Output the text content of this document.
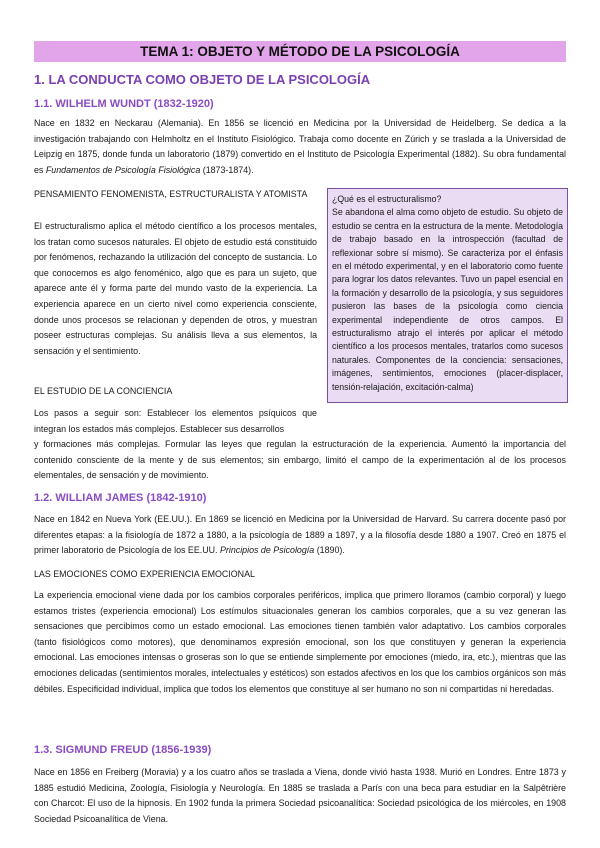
TEMA 1: OBJETO Y MÉTODO DE LA PSICOLOGÍA
1. LA CONDUCTA COMO OBJETO DE LA PSICOLOGÍA
1.1. WILHELM WUNDT (1832-1920)

Nace en 1832 en Neckarau (Alemania). En 1856 se licenció en Medicina por la Universidad de Heidelberg. Se dedica a la investigación trabajando con Helmholtz en el Instituto Fisiológico. Trabaja como docente en Zúrich y se traslada a la Universidad de Leipzig en 1875, donde funda un laboratorio (1879) convertido en el Instituto de Psicología Experimental (1882). Su obra fundamental es Fundamentos de Psicología Fisiológica (1873-1874).

PENSAMIENTO FENOMENISTA, ESTRUCTURALISTA Y ATOMISTA

El estructuralismo aplica el método científico a los procesos mentales, los tratan como sucesos naturales. El objeto de estudio está constituido por fenómenos, rechazando la utilización del concepto de sustancia. Lo que conocemos es algo fenoménico, algo que es para un sujeto, que aparece ante él y forma parte del mundo vasto de la experiencia. La experiencia aparece en un cierto nivel como experiencia consciente, donde unos procesos se relacionan y dependen de otros, y muestran poseer estructuras complejas. Su análisis lleva a sus elementos, la sensación y el sentimiento.

EL ESTUDIO DE LA CONCIENCIA

Los pasos a seguir son: Establecer los elementos psíquicos que integran los estados más complejos. Establecer sus desarrollos

y formaciones más complejas. Formular las leyes que regulan la estructuración de la experiencia. Aumentó la importancia del contenido consciente de la mente y de sus elementos; sin embargo, limitó el campo de la experimentación al de los procesos elementales, de sensación y de movimiento.

¿Qué es el estructuralismo?
Se abandona el alma como objeto de estudio. Su objeto de estudio se centra en la estructura de la mente. Metodología de trabajo basado en la introspección (facultad de reflexionar sobre sí mismo). Se caracteriza por el énfasis en el método experimental, y en el laboratorio como fuente para lograr los datos relevantes. Tuvo un papel esencial en la formación y desarrollo de la psicología, y sus seguidores pusieron las bases de la psicología como ciencia experimental independiente de otros campos. El estructuralismo atrajo el interés por aplicar el método científico a los procesos mentales, tratarlos como sucesos naturales. Componentes de la conciencia: sensaciones, imágenes, sentimientos, emociones (placer-displacer, tensión-relajación, excitación-calma)
1.2. WILLIAM JAMES (1842-1910)

Nace en 1842 en Nueva York (EE.UU.). En 1869 se licenció en Medicina por la Universidad de Harvard. Su carrera docente pasó por diferentes etapas: a la fisiología de 1872 a 1880, a la psicología de 1889 a 1897, y a la filosofía desde 1880 a 1907. Creó en 1875 el primer laboratorio de Psicología de los EE.UU. Principios de Psicología (1890).

LAS EMOCIONES COMO EXPERIENCIA EMOCIONAL

La experiencia emocional viene dada por los cambios corporales periféricos, implica que primero lloramos (cambio corporal) y luego estamos tristes (experiencia emocional) Los estímulos situacionales generan los cambios corporales, que a su vez generan las sensaciones que percibimos como un estado emocional. Las emociones tienen también valor adaptativo. Los cambios corporales (tanto fisiológicos como motores), que denominamos expresión emocional, son los que constituyen y generan la experiencia emocional. Las emociones intensas o groseras son lo que se entiende simplemente por emociones (miedo, ira, etc.), mientras que las emociones delicadas (sentimientos morales, intelectuales y estéticos) son estados afectivos en los que los cambios orgánicos son más débiles. Especificidad individual, implica que todos los elementos que constituye al ser humano no son ni compartidas ni heredadas.

1.3. SIGMUND FREUD (1856-1939)

Nace en 1856 en Freiberg (Moravia) y a los cuatro años se traslada a Viena, donde vivió hasta 1938. Murió en Londres. Entre 1873 y 1885 estudió Medicina, Zoología, Fisiología y Neurología. En 1885 se traslada a París con una beca para estudiar en la Salpêtrière con Charcot: El uso de la hipnosis. En 1902 funda la primera Sociedad psicoanalítica: Sociedad psicológica de los miércoles, en 1908 Sociedad Psicoanalítica de Viena.
